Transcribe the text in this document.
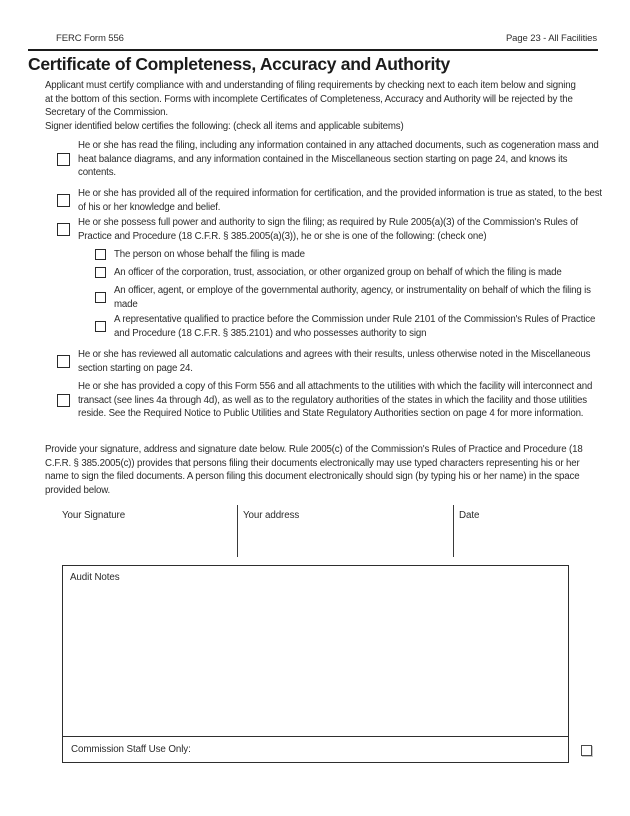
FERC Form 556	Page 23 - All Facilities
Certificate of Completeness, Accuracy and Authority
Applicant must certify compliance with and understanding of filing requirements by checking next to each item below and signing at the bottom of this section. Forms with incomplete Certificates of Completeness, Accuracy and Authority will be rejected by the Secretary of the Commission.
Signer identified below certifies the following: (check all items and applicable subitems)
He or she has read the filing, including any information contained in any attached documents, such as cogeneration mass and heat balance diagrams, and any information contained in the Miscellaneous section starting on page 24, and knows its contents.
He or she has provided all of the required information for certification, and the provided information is true as stated, to the best of his or her knowledge and belief.
He or she possess full power and authority to sign the filing; as required by Rule 2005(a)(3) of the Commission's Rules of Practice and Procedure (18 C.F.R. § 385.2005(a)(3)), he or she is one of the following: (check one)
The person on whose behalf the filing is made
An officer of the corporation, trust, association, or other organized group on behalf of which the filing is made
An officer, agent, or employe of the governmental authority, agency, or instrumentality on behalf of which the filing is made
A representative qualified to practice before the Commission under Rule 2101 of the Commission's Rules of Practice and Procedure (18 C.F.R. § 385.2101) and who possesses authority to sign
He or she has reviewed all automatic calculations and agrees with their results, unless otherwise noted in the Miscellaneous section starting on page 24.
He or she has provided a copy of this Form 556 and all attachments to the utilities with which the facility will interconnect and transact (see lines 4a through 4d), as well as to the regulatory authorities of the states in which the facility and those utilities reside. See the Required Notice to Public Utilities and State Regulatory Authorities section on page 4 for more information.
Provide your signature, address and signature date below. Rule 2005(c) of the Commission's Rules of Practice and Procedure (18 C.F.R. § 385.2005(c)) provides that persons filing their documents electronically may use typed characters representing his or her name to sign the filed documents. A person filing this document electronically should sign (by typing his or her name) in the space provided below.
Your Signature	Your address	Date
Audit Notes
Commission Staff Use Only:
